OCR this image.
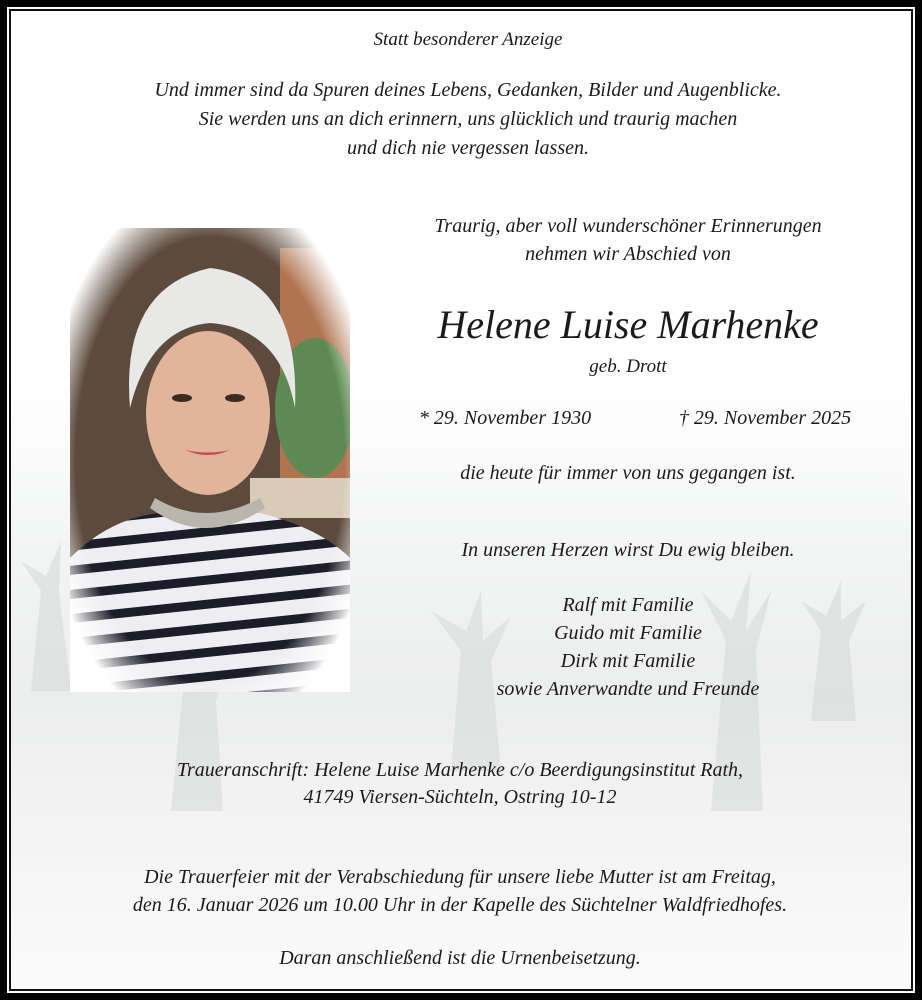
Statt besonderer Anzeige
Und immer sind da Spuren deines Lebens, Gedanken, Bilder und Augenblicke.
Sie werden uns an dich erinnern, uns glücklich und traurig machen
und dich nie vergessen lassen.
Traurig, aber voll wunderschöner Erinnerungen
nehmen wir Abschied von
Helene Luise Marhenke
geb. Drott
* 29. November 1930	† 29. November 2025
die heute für immer von uns gegangen ist.
In unseren Herzen wirst Du ewig bleiben.
Ralf mit Familie
Guido mit Familie
Dirk mit Familie
sowie Anverwandte und Freunde
Traueranschrift: Helene Luise Marhenke c/o Beerdigungsinstitut Rath,
41749 Viersen-Süchteln, Ostring 10-12
Die Trauerfeier mit der Verabschiedung für unsere liebe Mutter ist am Freitag,
den 16. Januar 2026 um 10.00 Uhr in der Kapelle des Süchtelner Waldfriedhofes.
Daran anschließend ist die Urnenbeisetzung.
